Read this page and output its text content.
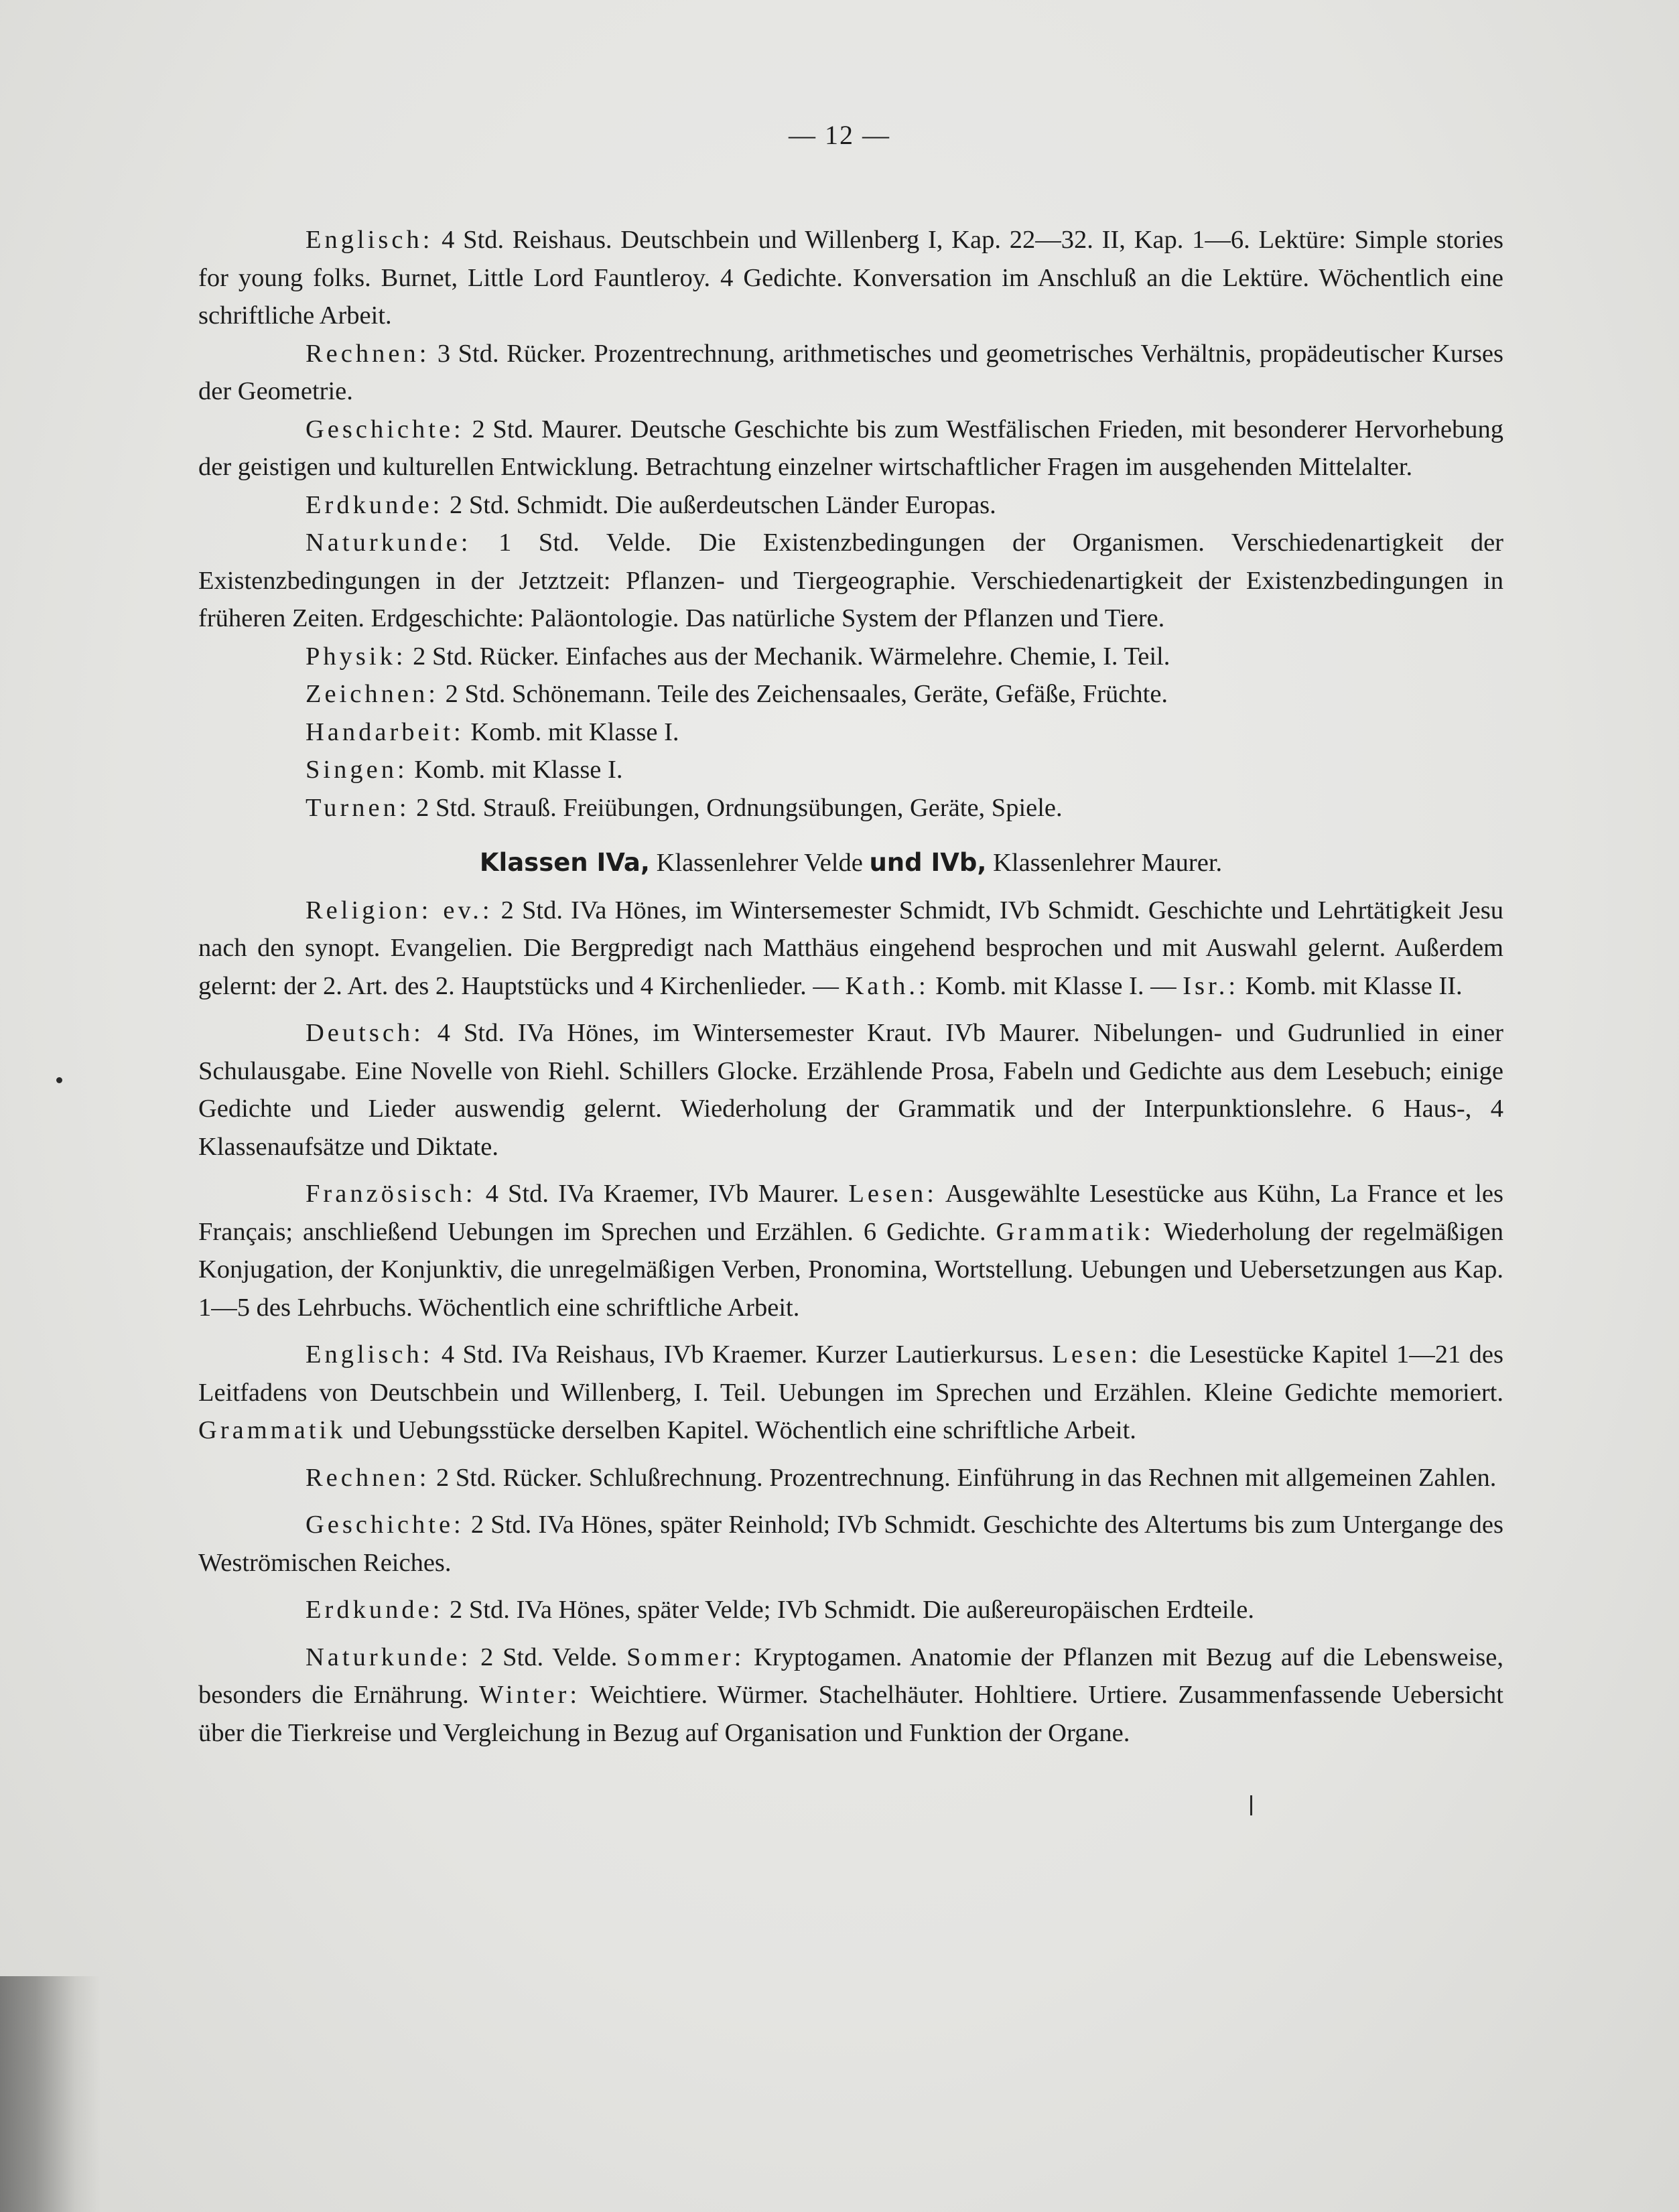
— 12 —

Englisch: 4 Std. Reishaus. Deutschbein und Willenberg I, Kap. 22—32. II, Kap. 1—6. Lektüre: Simple stories for young folks. Burnet, Little Lord Fauntleroy. 4 Gedichte. Konversation im Anschluß an die Lektüre. Wöchentlich eine schriftliche Arbeit.

Rechnen: 3 Std. Rücker. Prozentrechnung, arithmetisches und geometrisches Verhältnis, propädeutischer Kurses der Geometrie.

Geschichte: 2 Std. Maurer. Deutsche Geschichte bis zum Westfälischen Frieden, mit besonderer Hervorhebung der geistigen und kulturellen Entwicklung. Betrachtung einzelner wirtschaftlicher Fragen im ausgehenden Mittelalter.

Erdkunde: 2 Std. Schmidt. Die außerdeutschen Länder Europas.

Naturkunde: 1 Std. Velde. Die Existenzbedingungen der Organismen. Verschiedenartigkeit der Existenzbedingungen in der Jetztzeit: Pflanzen- und Tiergeographie. Verschiedenartigkeit der Existenzbedingungen in früheren Zeiten. Erdgeschichte: Paläontologie. Das natürliche System der Pflanzen und Tiere.

Physik: 2 Std. Rücker. Einfaches aus der Mechanik. Wärmelehre. Chemie, I. Teil.

Zeichnen: 2 Std. Schönemann. Teile des Zeichensaales, Geräte, Gefäße, Früchte.

Handarbeit: Komb. mit Klasse I.

Singen: Komb. mit Klasse I.

Turnen: 2 Std. Strauß. Freiübungen, Ordnungsübungen, Geräte, Spiele.

Klassen IVa, Klassenlehrer Velde und IVb, Klassenlehrer Maurer.

Religion: ev.: 2 Std. IVa Hönes, im Wintersemester Schmidt, IVb Schmidt. Geschichte und Lehrtätigkeit Jesu nach den synopt. Evangelien. Die Bergpredigt nach Matthäus eingehend besprochen und mit Auswahl gelernt. Außerdem gelernt: der 2. Art. des 2. Hauptstücks und 4 Kirchenlieder. — Kath.: Komb. mit Klasse I. — Isr.: Komb. mit Klasse II.

Deutsch: 4 Std. IVa Hönes, im Wintersemester Kraut. IVb Maurer. Nibelungen- und Gudrunlied in einer Schulausgabe. Eine Novelle von Riehl. Schillers Glocke. Erzählende Prosa, Fabeln und Gedichte aus dem Lesebuch; einige Gedichte und Lieder auswendig gelernt. Wiederholung der Grammatik und der Interpunktionslehre. 6 Haus-, 4 Klassenaufsätze und Diktate.

Französisch: 4 Std. IVa Kraemer, IVb Maurer. Lesen: Ausgewählte Lesestücke aus Kühn, La France et les Français; anschließend Uebungen im Sprechen und Erzählen. 6 Gedichte. Grammatik: Wiederholung der regelmäßigen Konjugation, der Konjunktiv, die unregelmäßigen Verben, Pronomina, Wortstellung. Uebungen und Uebersetzungen aus Kap. 1—5 des Lehrbuchs. Wöchentlich eine schriftliche Arbeit.

Englisch: 4 Std. IVa Reishaus, IVb Kraemer. Kurzer Lautierkursus. Lesen: die Lesestücke Kapitel 1—21 des Leitfadens von Deutschbein und Willenberg, I. Teil. Uebungen im Sprechen und Erzählen. Kleine Gedichte memoriert. Grammatik und Uebungsstücke derselben Kapitel. Wöchentlich eine schriftliche Arbeit.

Rechnen: 2 Std. Rücker. Schlußrechnung. Prozentrechnung. Einführung in das Rechnen mit allgemeinen Zahlen.

Geschichte: 2 Std. IVa Hönes, später Reinhold; IVb Schmidt. Geschichte des Altertums bis zum Untergange des Weströmischen Reiches.

Erdkunde: 2 Std. IVa Hönes, später Velde; IVb Schmidt. Die außereuropäischen Erdteile.

Naturkunde: 2 Std. Velde. Sommer: Kryptogamen. Anatomie der Pflanzen mit Bezug auf die Lebensweise, besonders die Ernährung. Winter: Weichtiere. Würmer. Stachelhäuter. Hohltiere. Urtiere. Zusammenfassende Uebersicht über die Tierkreise und Vergleichung in Bezug auf Organisation und Funktion der Organe.
